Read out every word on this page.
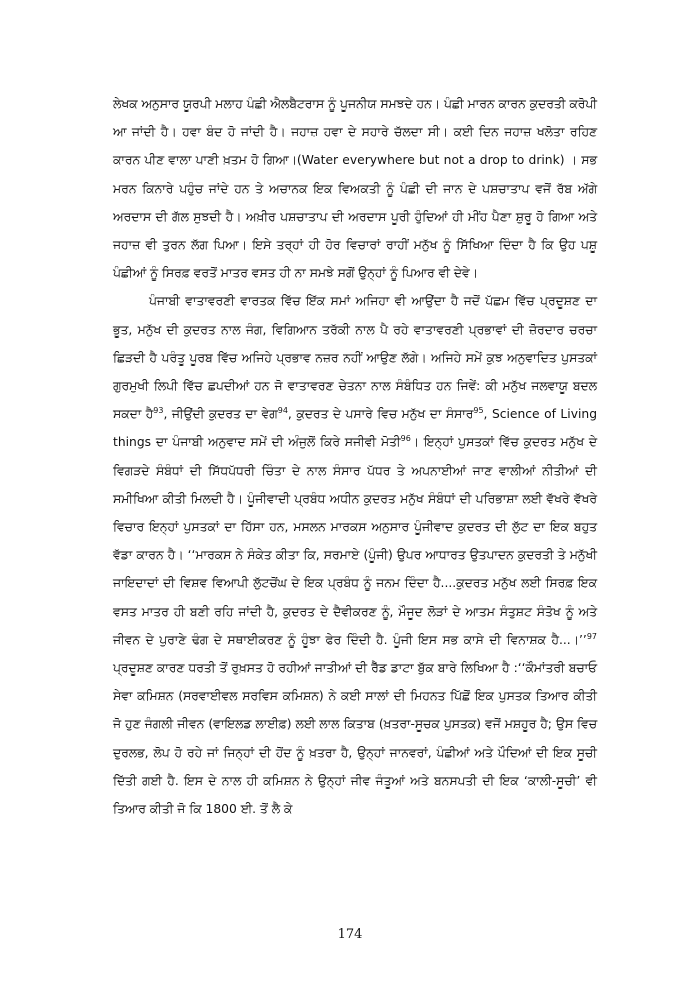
ਲੇਖਕ ਅਨੁਸਾਰ ਯੂਰਪੀ ਮਲਾਹ ਪੰਛੀ ਐਲਬੈਟਰਾਸ ਨੂੰ ਪੂਜਨੀਯ ਸਮਝਦੇ ਹਨ। ਪੰਛੀ ਮਾਰਨ ਕਾਰਨ ਕੁਦਰਤੀ ਕਰੋਪੀ ਆ ਜਾਂਦੀ ਹੈ। ਹਵਾ ਬੰਦ ਹੋ ਜਾਂਦੀ ਹੈ। ਜਹਾਜ਼ ਹਵਾ ਦੇ ਸਹਾਰੇ ਚੱਲਦਾ ਸੀ। ਕਈ ਦਿਨ ਜਹਾਜ਼ ਖਲੋਤਾ ਰਹਿਣ ਕਾਰਨ ਪੀਣ ਵਾਲਾ ਪਾਣੀ ਖ਼ਤਮ ਹੋ ਗਿਆ।(Water everywhere but not a drop to drink) । ਸਭ ਮਰਨ ਕਿਨਾਰੇ ਪਹੁੰਚ ਜਾਂਦੇ ਹਨ ਤੇ ਅਚਾਨਕ ਇਕ ਵਿਅਕਤੀ ਨੂੰ ਪੰਛੀ ਦੀ ਜਾਨ ਦੇ ਪਸ਼ਚਾਤਾਪ ਵਜੋਂ ਰੱਬ ਅੱਗੇ ਅਰਦਾਸ ਦੀ ਗੱਲ ਸੁਝਦੀ ਹੈ। ਅਖ਼ੀਰ ਪਸ਼ਚਾਤਾਪ ਦੀ ਅਰਦਾਸ ਪੂਰੀ ਹੁੰਦਿਆਂ ਹੀ ਮੀਂਹ ਪੈਣਾ ਸ਼ੁਰੂ ਹੋ ਗਿਆ ਅਤੇ ਜਹਾਜ਼ ਵੀ ਤੁਰਨ ਲੱਗ ਪਿਆ। ਇਸੇ ਤਰ੍ਹਾਂ ਹੀ ਹੋਰ ਵਿਚਾਰਾਂ ਰਾਹੀਂ ਮਨੁੱਖ ਨੂੰ ਸਿੱਖਿਆ ਦਿੰਦਾ ਹੈ ਕਿ ਉਹ ਪਸ਼ੂ ਪੰਛੀਆਂ ਨੂੰ ਸਿਰਫ਼ ਵਰਤੋਂ ਮਾਤਰ ਵਸਤ ਹੀ ਨਾ ਸਮਝੇ ਸਗੋਂ ਉਨ੍ਹਾਂ ਨੂੰ ਪਿਆਰ ਵੀ ਦੇਵੇ।

ਪੰਜਾਬੀ ਵਾਤਾਵਰਣੀ ਵਾਰਤਕ ਵਿੱਚ ਇੱਕ ਸਮਾਂ ਅਜਿਹਾ ਵੀ ਆਉਂਦਾ ਹੈ ਜਦੋਂ ਪੱਛਮ ਵਿੱਚ ਪ੍ਰਦੂਸ਼ਣ ਦਾ ਭੂਤ, ਮਨੁੱਖ ਦੀ ਕੁਦਰਤ ਨਾਲ ਜੰਗ, ਵਿਗਿਆਨ ਤਰੱਕੀ ਨਾਲ ਪੈ ਰਹੇ ਵਾਤਾਵਰਣੀ ਪ੍ਰਭਾਵਾਂ ਦੀ ਜ਼ੋਰਦਾਰ ਚਰਚਾ ਛਿੜਦੀ ਹੈ ਪਰੰਤੂ ਪੂਰਬ ਵਿੱਚ ਅਜਿਹੇ ਪ੍ਰਭਾਵ ਨਜ਼ਰ ਨਹੀਂ ਆਉਣ ਲੱਗੇ। ਅਜਿਹੇ ਸਮੇਂ ਕੁਝ ਅਨੁਵਾਦਿਤ ਪੁਸਤਕਾਂ ਗੁਰਮੁਖੀ ਲਿਪੀ ਵਿੱਚ ਛਪਦੀਆਂ ਹਨ ਜੋ ਵਾਤਾਵਰਣ ਚੇਤਨਾ ਨਾਲ ਸੰਬੰਧਿਤ ਹਨ ਜਿਵੇਂ: ਕੀ ਮਨੁੱਖ ਜਲਵਾਯੂ ਬਦਲ ਸਕਦਾ ਹੈ$^{93}$, ਜੀਉਂਦੀ ਕੁਦਰਤ ਦਾ ਵੇਗ$^{94}$, ਕੁਦਰਤ ਦੇ ਪਸਾਰੇ ਵਿਚ ਮਨੁੱਖ ਦਾ ਸੰਸਾਰ$^{95}$, Science of Living things ਦਾ ਪੰਜਾਬੀ ਅਨੁਵਾਦ ਸਮੇਂ ਦੀ ਅੰਜੁਲੋਂ ਕਿਰੇ ਸਜੀਵੀ ਮੋਤੀ$^{96}$। ਇਨ੍ਹਾਂ ਪੁਸਤਕਾਂ ਵਿੱਚ ਕੁਦਰਤ ਮਨੁੱਖ ਦੇ ਵਿਗੜਦੇ ਸੰਬੰਧਾਂ ਦੀ ਸਿੱਧਪੱਧਰੀ ਚਿੰਤਾ ਦੇ ਨਾਲ ਸੰਸਾਰ ਪੱਧਰ ਤੇ ਅਪਨਾਈਆਂ ਜਾਣ ਵਾਲੀਆਂ ਨੀਤੀਆਂ ਦੀ ਸਮੀਖਿਆ ਕੀਤੀ ਮਿਲਦੀ ਹੈ। ਪੂੰਜੀਵਾਦੀ ਪ੍ਰਬੰਧ ਅਧੀਨ ਕੁਦਰਤ ਮਨੁੱਖ ਸੰਬੰਧਾਂ ਦੀ ਪਰਿਭਾਸ਼ਾ ਲਈ ਵੱਖਰੇ ਵੱਖਰੇ ਵਿਚਾਰ ਇਨ੍ਹਾਂ ਪੁਸਤਕਾਂ ਦਾ ਹਿੱਸਾ ਹਨ, ਮਸਲਨ ਮਾਰਕਸ ਅਨੁਸਾਰ ਪੂੰਜੀਵਾਦ ਕੁਦਰਤ ਦੀ ਲੁੱਟ ਦਾ ਇਕ ਬਹੁਤ ਵੱਡਾ ਕਾਰਨ ਹੈ। ‘‘ਮਾਰਕਸ ਨੇ ਸੰਕੇਤ ਕੀਤਾ ਕਿ, ਸਰਮਾਏ (ਪੂੰਜੀ) ਉਪਰ ਆਧਾਰਤ ਉਤਪਾਦਨ ਕੁਦਰਤੀ ਤੇ ਮਨੁੱਖੀ ਜਾਇਦਾਦਾਂ ਦੀ ਵਿਸ਼ਵ ਵਿਆਪੀ ਲੁੱਟਚੋਂਘ ਦੇ ਇਕ ਪ੍ਰਬੰਧ ਨੂੰ ਜਨਮ ਦਿੰਦਾ ਹੈ....ਕੁਦਰਤ ਮਨੁੱਖ ਲਈ ਸਿਰਫ਼ ਇਕ ਵਸਤ ਮਾਤਰ ਹੀ ਬਣੀ ਰਹਿ ਜਾਂਦੀ ਹੈ, ਕੁਦਰਤ ਦੇ ਦੈਵੀਕਰਣ ਨੂੰ, ਮੌਜੂਦ ਲੋੜਾਂ ਦੇ ਆਤਮ ਸੰਤੁਸ਼ਟ ਸੰਤੋਖ ਨੂੰ ਅਤੇ ਜੀਵਨ ਦੇ ਪੁਰਾਣੇ ਢੰਗ ਦੇ ਸਥਾਈਕਰਣ ਨੂੰ ਹੂੰਝਾ ਫੇਰ ਦਿੰਦੀ ਹੈ. ਪੂੰਜੀ ਇਸ ਸਭ ਕਾਸੇ ਦੀ ਵਿਨਾਸ਼ਕ ਹੈ...।’’$^{97}$ ਪ੍ਰਦੂਸ਼ਣ ਕਾਰਣ ਧਰਤੀ ਤੋਂ ਰੁਖ਼ਸਤ ਹੋ ਰਹੀਆਂ ਜਾਤੀਆਂ ਦੀ ਰੈੱਡ ਡਾਟਾ ਬੁੱਕ ਬਾਰੇ ਲਿਖਿਆ ਹੈ :‘‘ਕੌਮਾਂਤਰੀ ਬਚਾਓ ਸੇਵਾ ਕਮਿਸ਼ਨ (ਸਰਵਾਈਵਲ ਸਰਵਿਸ ਕਮਿਸ਼ਨ) ਨੇ ਕਈ ਸਾਲਾਂ ਦੀ ਮਿਹਨਤ ਪਿੱਛੋਂ ਇਕ ਪੁਸਤਕ ਤਿਆਰ ਕੀਤੀ ਜੋ ਹੁਣ ਜੰਗਲੀ ਜੀਵਨ (ਵਾਇਲਡ ਲਾਈਫ਼) ਲਈ ਲਾਲ ਕਿਤਾਬ (ਖ਼ਤਰਾ-ਸੂਚਕ ਪੁਸਤਕ) ਵਜੋਂ ਮਸ਼ਹੂਰ ਹੈ; ਉਸ ਵਿਚ ਦੁਰਲਭ, ਲੋਪ ਹੋ ਰਹੇ ਜਾਂ ਜਿਨ੍ਹਾਂ ਦੀ ਹੋਂਦ ਨੂੰ ਖ਼ਤਰਾ ਹੈ, ਉਨ੍ਹਾਂ ਜਾਨਵਰਾਂ, ਪੰਛੀਆਂ ਅਤੇ ਪੌਦਿਆਂ ਦੀ ਇਕ ਸੂਚੀ ਦਿੱਤੀ ਗਈ ਹੈ. ਇਸ ਦੇ ਨਾਲ ਹੀ ਕਮਿਸ਼ਨ ਨੇ ਉਨ੍ਹਾਂ ਜੀਵ ਜੰਤੂਆਂ ਅਤੇ ਬਨਸਪਤੀ ਦੀ ਇਕ ‘ਕਾਲੀ-ਸੂਚੀ’ ਵੀ ਤਿਆਰ ਕੀਤੀ ਜੋ ਕਿ 1800 ਈ. ਤੋਂ ਲੈ ਕੇ

174
